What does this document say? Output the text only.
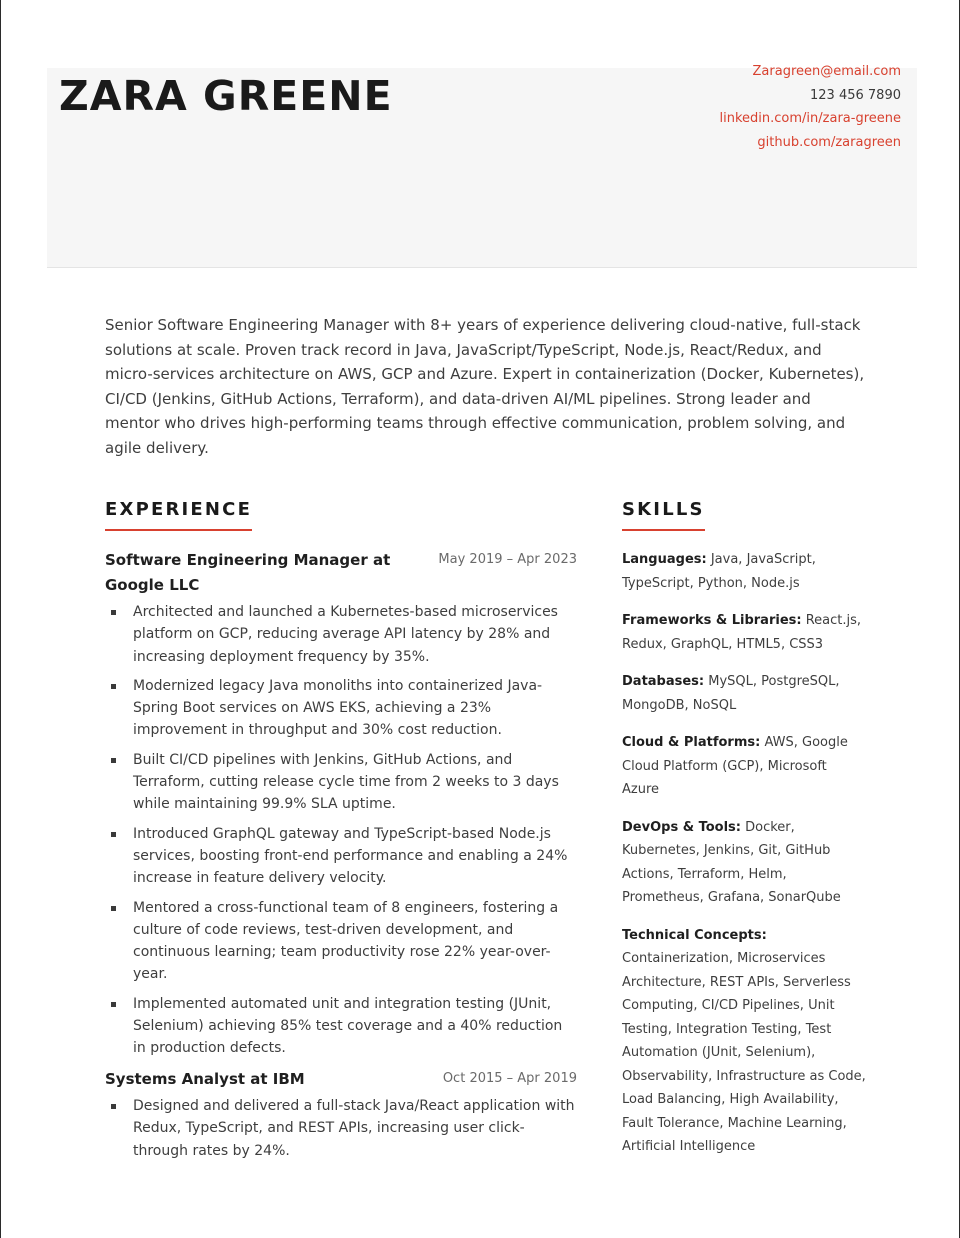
ZARA GREENE
Zaragreen@email.com
123 456 7890
linkedin.com/in/zara-greene
github.com/zaragreen

Senior Software Engineering Manager with 8+ years of experience delivering cloud-native, full-stack solutions at scale. Proven track record in Java, JavaScript/TypeScript, Node.js, React/Redux, and micro-services architecture on AWS, GCP and Azure. Expert in containerization (Docker, Kubernetes), CI/CD (Jenkins, GitHub Actions, Terraform), and data-driven AI/ML pipelines. Strong leader and mentor who drives high-performing teams through effective communication, problem solving, and agile delivery.

EXPERIENCE	SKILLS
Software Engineering Manager at Google LLC
May 2019 – Apr 2023
Architected and launched a Kubernetes-based microservices platform on GCP, reducing average API latency by 28% and increasing deployment frequency by 35%.
Modernized legacy Java monoliths into containerized Java-Spring Boot services on AWS EKS, achieving a 23% improvement in throughput and 30% cost reduction.
Built CI/CD pipelines with Jenkins, GitHub Actions, and Terraform, cutting release cycle time from 2 weeks to 3 days while maintaining 99.9% SLA uptime.
Introduced GraphQL gateway and TypeScript-based Node.js services, boosting front-end performance and enabling a 24% increase in feature delivery velocity.
Mentored a cross-functional team of 8 engineers, fostering a culture of code reviews, test-driven development, and continuous learning; team productivity rose 22% year-over-year.
Implemented automated unit and integration testing (JUnit, Selenium) achieving 85% test coverage and a 40% reduction in production defects.
Systems Analyst at IBM	Oct 2015 – Apr 2019
Designed and delivered a full-stack Java/React application with Redux, TypeScript, and REST APIs, increasing user click-through rates by 24%.
Languages: Java, JavaScript, TypeScript, Python, Node.js
Frameworks & Libraries: React.js, Redux, GraphQL, HTML5, CSS3
Databases: MySQL, PostgreSQL, MongoDB, NoSQL
Cloud & Platforms: AWS, Google Cloud Platform (GCP), Microsoft Azure
DevOps & Tools: Docker, Kubernetes, Jenkins, Git, GitHub Actions, Terraform, Helm, Prometheus, Grafana, SonarQube
Technical Concepts:
Containerization, Microservices Architecture, REST APIs, Serverless Computing, CI/CD Pipelines, Unit Testing, Integration Testing, Test Automation (JUnit, Selenium), Observability, Infrastructure as Code, Load Balancing, High Availability, Fault Tolerance, Machine Learning, Artificial Intelligence
